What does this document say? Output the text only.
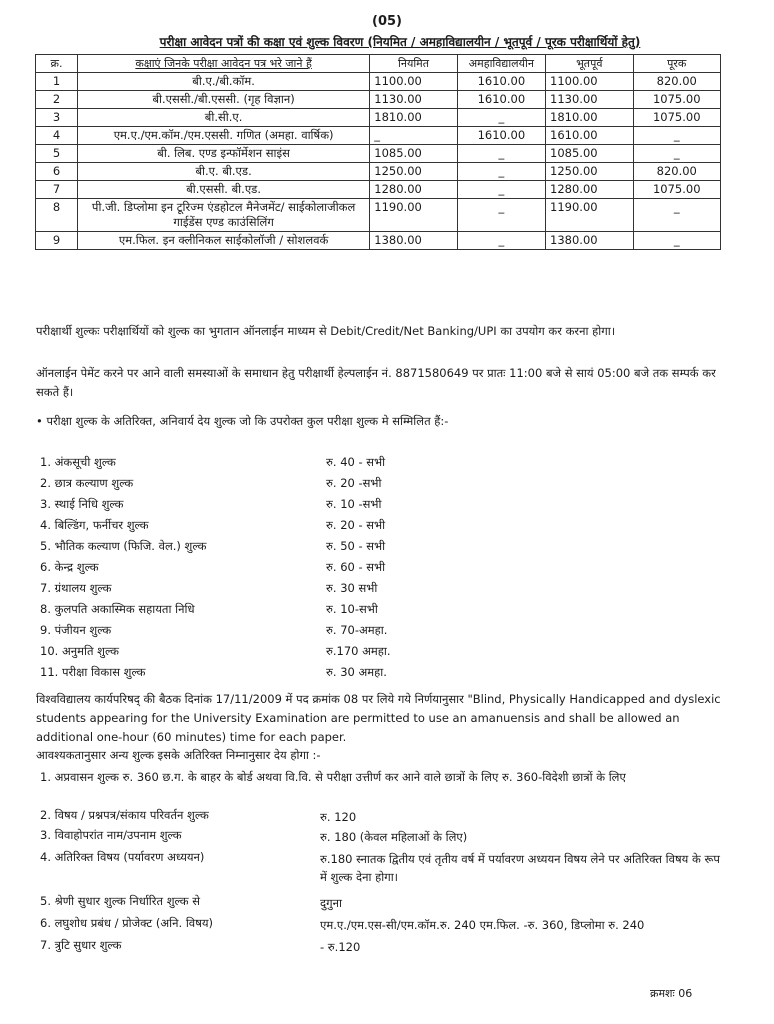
(05)
परीक्षा आवेदन पत्रों की कक्षा एवं शुल्क विवरण (नियमित / अमहाविद्यालयीन / भूतपूर्व / पूरक परीक्षार्थियों हेतु)
क्र.	कक्षाएं जिनके परीक्षा आवेदन पत्र भरे जाने हैं	नियमित	अमहाविद्यालयीन	भूतपूर्व	पूरक
1	बी.ए./बी.कॉम.	1100.00	1610.00	1100.00	820.00
2	बी.एससी./बी.एससी. (गृह विज्ञान)	1130.00	1610.00	1130.00	1075.00
3	बी.सी.ए.	1810.00	_	1810.00	1075.00
4	एम.ए./एम.कॉम./एम.एससी. गणित (अमहा. वार्षिक)	_	1610.00	1610.00	_
5	बी. लिब. एण्ड इन्फॉर्मेशन साइंस	1085.00	_	1085.00	_
6	बी.ए. बी.एड.	1250.00	_	1250.00	820.00
7	बी.एससी. बी.एड.	1280.00	_	1280.00	1075.00
8	पी.जी. डिप्लोमा इन टूरिज्म एंडहोटल मैनेजमेंट/ साईकोलाजीकल गाईडेंस एण्ड काउंसिलिंग	1190.00	_	1190.00	_
9	एम.फिल. इन क्लीनिकल साईकोलॉजी / सोशलवर्क	1380.00	_	1380.00	_
परीक्षार्थी शुल्कः परीक्षार्थियों को शुल्क का भुगतान ऑनलाईन माध्यम से Debit/Credit/Net Banking/UPI का उपयोग कर करना होगा।
ऑनलाईन पेमेंट करने पर आने वाली समस्याओं के समाधान हेतु परीक्षार्थी हेल्पलाईन नं. 8871580649 पर प्रातः 11:00 बजे से सायं 05:00 बजे तक सम्पर्क कर सकते हैं।
• परीक्षा शुल्क के अतिरिक्त, अनिवार्य देय शुल्क जो कि उपरोक्त कुल परीक्षा शुल्क मे सम्मिलित हैं:-
1. अंकसूची शुल्क	रु. 40 - सभी
2. छात्र कल्याण शुल्क	रु. 20 -सभी
3. स्थाई निधि शुल्क	रु. 10 -सभी
4. बिल्डिंग, फर्नीचर शुल्क	रु. 20 - सभी
5. भौतिक कल्याण (फिजि. वेल.) शुल्क	रु. 50 - सभी
6. केन्द्र शुल्क	रु. 60 - सभी
7. ग्रंथालय शुल्क	रु. 30 सभी
8. कुलपति अकास्मिक सहायता निधि	रु. 10-सभी
9. पंजीयन शुल्क	रु. 70-अमहा.
10. अनुमति शुल्क	रु.170 अमहा.
11. परीक्षा विकास शुल्क	रु. 30 अमहा.
विश्वविद्यालय कार्यपरिषद् की बैठक दिनांक 17/11/2009 में पद क्रमांक 08 पर लिये गये निर्णयानुसार "Blind, Physically Handicapped and dyslexic students appearing for the University Examination are permitted to use an amanuensis and shall be allowed an additional one-hour (60 minutes) time for each paper.
आवश्यकतानुसार अन्य शुल्क इसके अतिरिक्त निम्नानुसार देय होगा :-
1. अप्रवासन शुल्क रु. 360 छ.ग. के बाहर के बोर्ड अथवा वि.वि. से परीक्षा उत्तीर्ण कर आने वाले छात्रों के लिए रु. 360-विदेशी छात्रों के लिए
2. विषय / प्रश्नपत्र/संकाय परिवर्तन शुल्क	रु. 120
3. विवाहोपरांत नाम/उपनाम शुल्क	रु. 180 (केवल महिलाओं के लिए)
4. अतिरिक्त विषय (पर्यावरण अध्ययन)	रु.180 स्नातक द्वितीय एवं तृतीय वर्ष में पर्यावरण अध्ययन विषय लेने पर अतिरिक्त विषय के रूप में शुल्क देना होगा।
5. श्रेणी सुधार शुल्क निर्धारित शुल्क से	दुगुना
6. लघुशोध प्रबंध / प्रोजेक्ट (अनि. विषय)	एम.ए./एम.एस-सी/एम.कॉम.रु. 240 एम.फिल. -रु. 360, डिप्लोमा रु. 240
7. त्रुटि सुधार शुल्क	- रु.120
क्रमशः 06
